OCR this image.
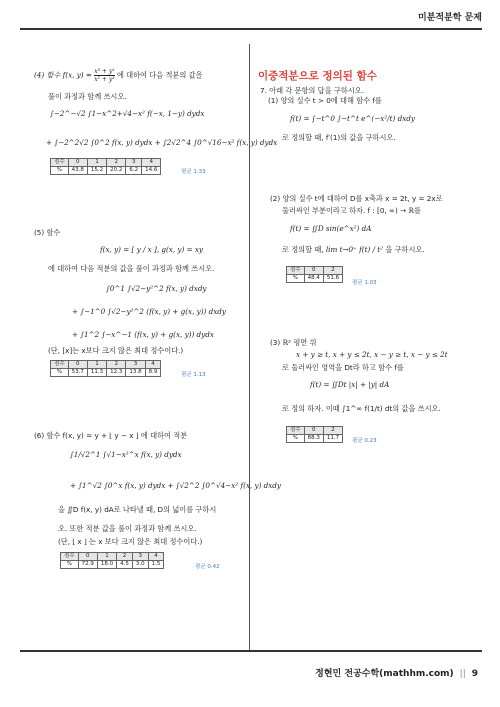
미분적분학 문제
(4) 함수 f(x, $y) = \frac{\text{x³ + y²}}{\text{x² + y²}}$ 에 대하여 다음 적분의 값을
풀이 과정과 함께 쓰시오.
∫−2^−√2 ∫1−x^2+√4−x² f(−x, 1−y) dydx
+ ∫−2^2√2 ∫0^2 f(x, y) dydx + ∫2√2^4 ∫0^√16−x² f(x, y) dydx
점수	0	1	2	3	4
%	43.8	15.2	20.2	6.2	14.6	평균 1.33
(5) 함수
f(x, y) = [ y / x ], g(x, y) = xy
에 대하여 다음 적분의 값을 풀이 과정과 함께 쓰시오.
∫0^1 ∫√2−y²^2 f(x, y) dxdy
+ ∫−1^0 ∫√2−y²^2 (f(x, y) + g(x, y)) dxdy
+ ∫1^2 ∫−x^−1 (f(x, y) + g(x, y)) dydx
(단, [x]는 x보다 크지 않은 최대 정수이다.)
점수	0	1	2	3	4
%	53.7	11.3	12.3	13.8	8.9	평균 1.13
(6) 함수 f(x, y) = y + ⌊ y − x ⌋ 에 대하여 적분
∫1/√2^1 ∫√1−x²^x f(x, y) dydx
+ ∫1^√2 ∫0^x f(x, y) dydx + ∫√2^2 ∫0^√4−x² f(x, y) dxdy
을 ∬D f(x, y) dA로 나타낼 때, D의 넓이를 구하시
오. 또한 적분 값을 풀이 과정과 함께 쓰시오.
(단, ⌊ x ⌋ 는 x 보다 크지 않은 최대 정수이다.)
점수	0	1	2	3	4
%	72.9	18.0	4.5	3.0	1.5	평균 0.42
이중적분으로 정의된 함수
7. 아래 각 문항의 답을 구하시오.
(1) 양의 실수 t > 0에 대해 함수 f를
f(t) = ∫−t^0 ∫−t^t e^(−x²/t) dxdy
로 정의할 때, f′(1)의 값을 구하시오.
(2) 양의 실수 t에 대하여 D를 x축과 x = 2t, y = 2x로
둘러싸인 부분이라고 하자. f : [0, ∞) → ℝ를
f(t) = ∬D sin(e^x²) dA
로 정의할 때, lim t→0⁺ f(t) / t² 을 구하시오.
점수	0	2
%	48.4	51.6
평균 1.03
(3) ℝ² 평면 위
x + y ≥ t, x + y ≤ 2t, x − y ≥ t, x − y ≤ 2t
로 둘러싸인 영역을 Dt라 하고 함수 f를
f(t) = ∬Dt |x| + |y| dA
로 정의 하자. 이때 ∫1^∞ f(1/t) dt의 값을 쓰시오.
점수	0	2
%	88.3	11.7 평균 0.23
정현민 전공수학(mathhm.com) || 9
